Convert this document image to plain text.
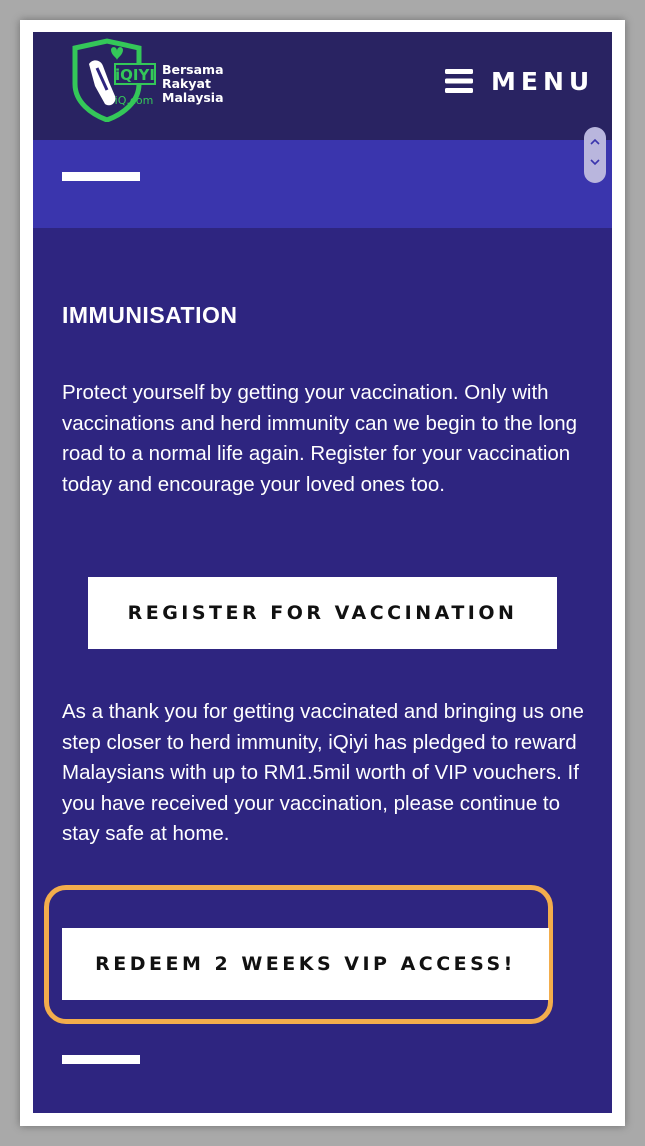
iQIYI
iQ.com
Bersama
Rakyat
Malaysia
MENU
IMMUNISATION
Protect yourself by getting your vaccination. Only with vaccinations and herd immunity can we begin to the long road to a normal life again. Register for your vaccination today and encourage your loved ones too.
REGISTER FOR VACCINATION
As a thank you for getting vaccinated and bringing us one step closer to herd immunity, iQiyi has pledged to reward Malaysians with up to RM1.5mil worth of VIP vouchers. If you have received your vaccination, please continue to stay safe at home.
REDEEM 2 WEEKS VIP ACCESS!
